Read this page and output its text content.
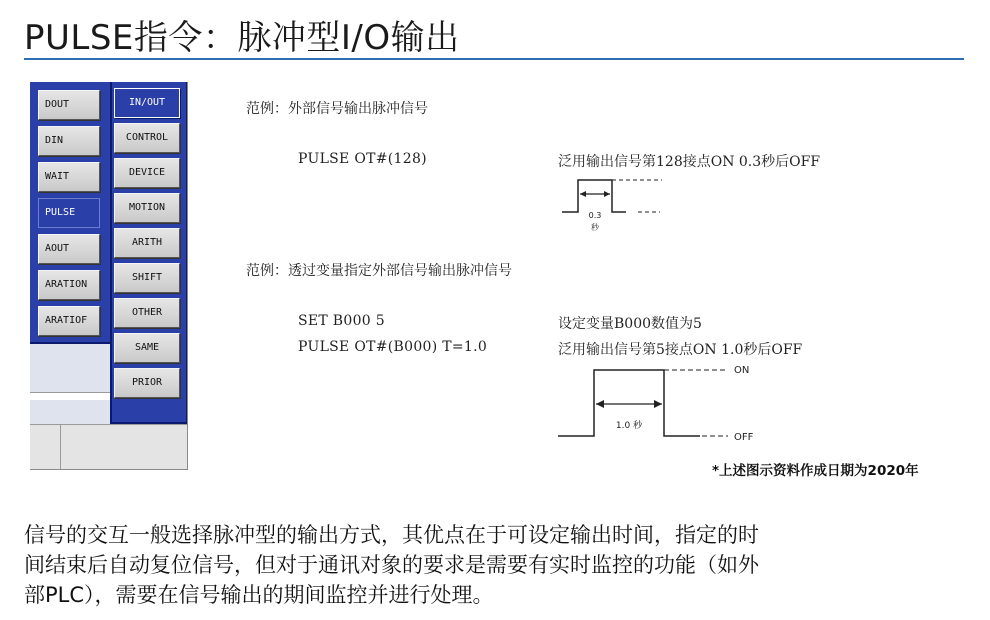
PULSE指令：脉冲型I/O输出
DOUT
DIN
WAIT
PULSE
AOUT
ARATION
ARATIOF
IN/OUT
CONTROL
DEVICE
MOTION
ARITH
SHIFT
OTHER
SAME
PRIOR
范例：外部信号输出脉冲信号
PULSE OT#(128)	泛用输出信号第128接点ON 0.3秒后OFF
0.3
秒
范例：透过变量指定外部信号输出脉冲信号
SET B000 5	设定变量B000数值为5
PULSE OT#(B000) T=1.0	泛用输出信号第5接点ON 1.0秒后OFF
1.0 秒
ON
OFF
*上述图示资料作成日期为2020年
信号的交互一般选择脉冲型的输出方式，其优点在于可设定输出时间，指定的时
间结束后自动复位信号，但对于通讯对象的要求是需要有实时监控的功能（如外
部PLC），需要在信号输出的期间监控并进行处理。
